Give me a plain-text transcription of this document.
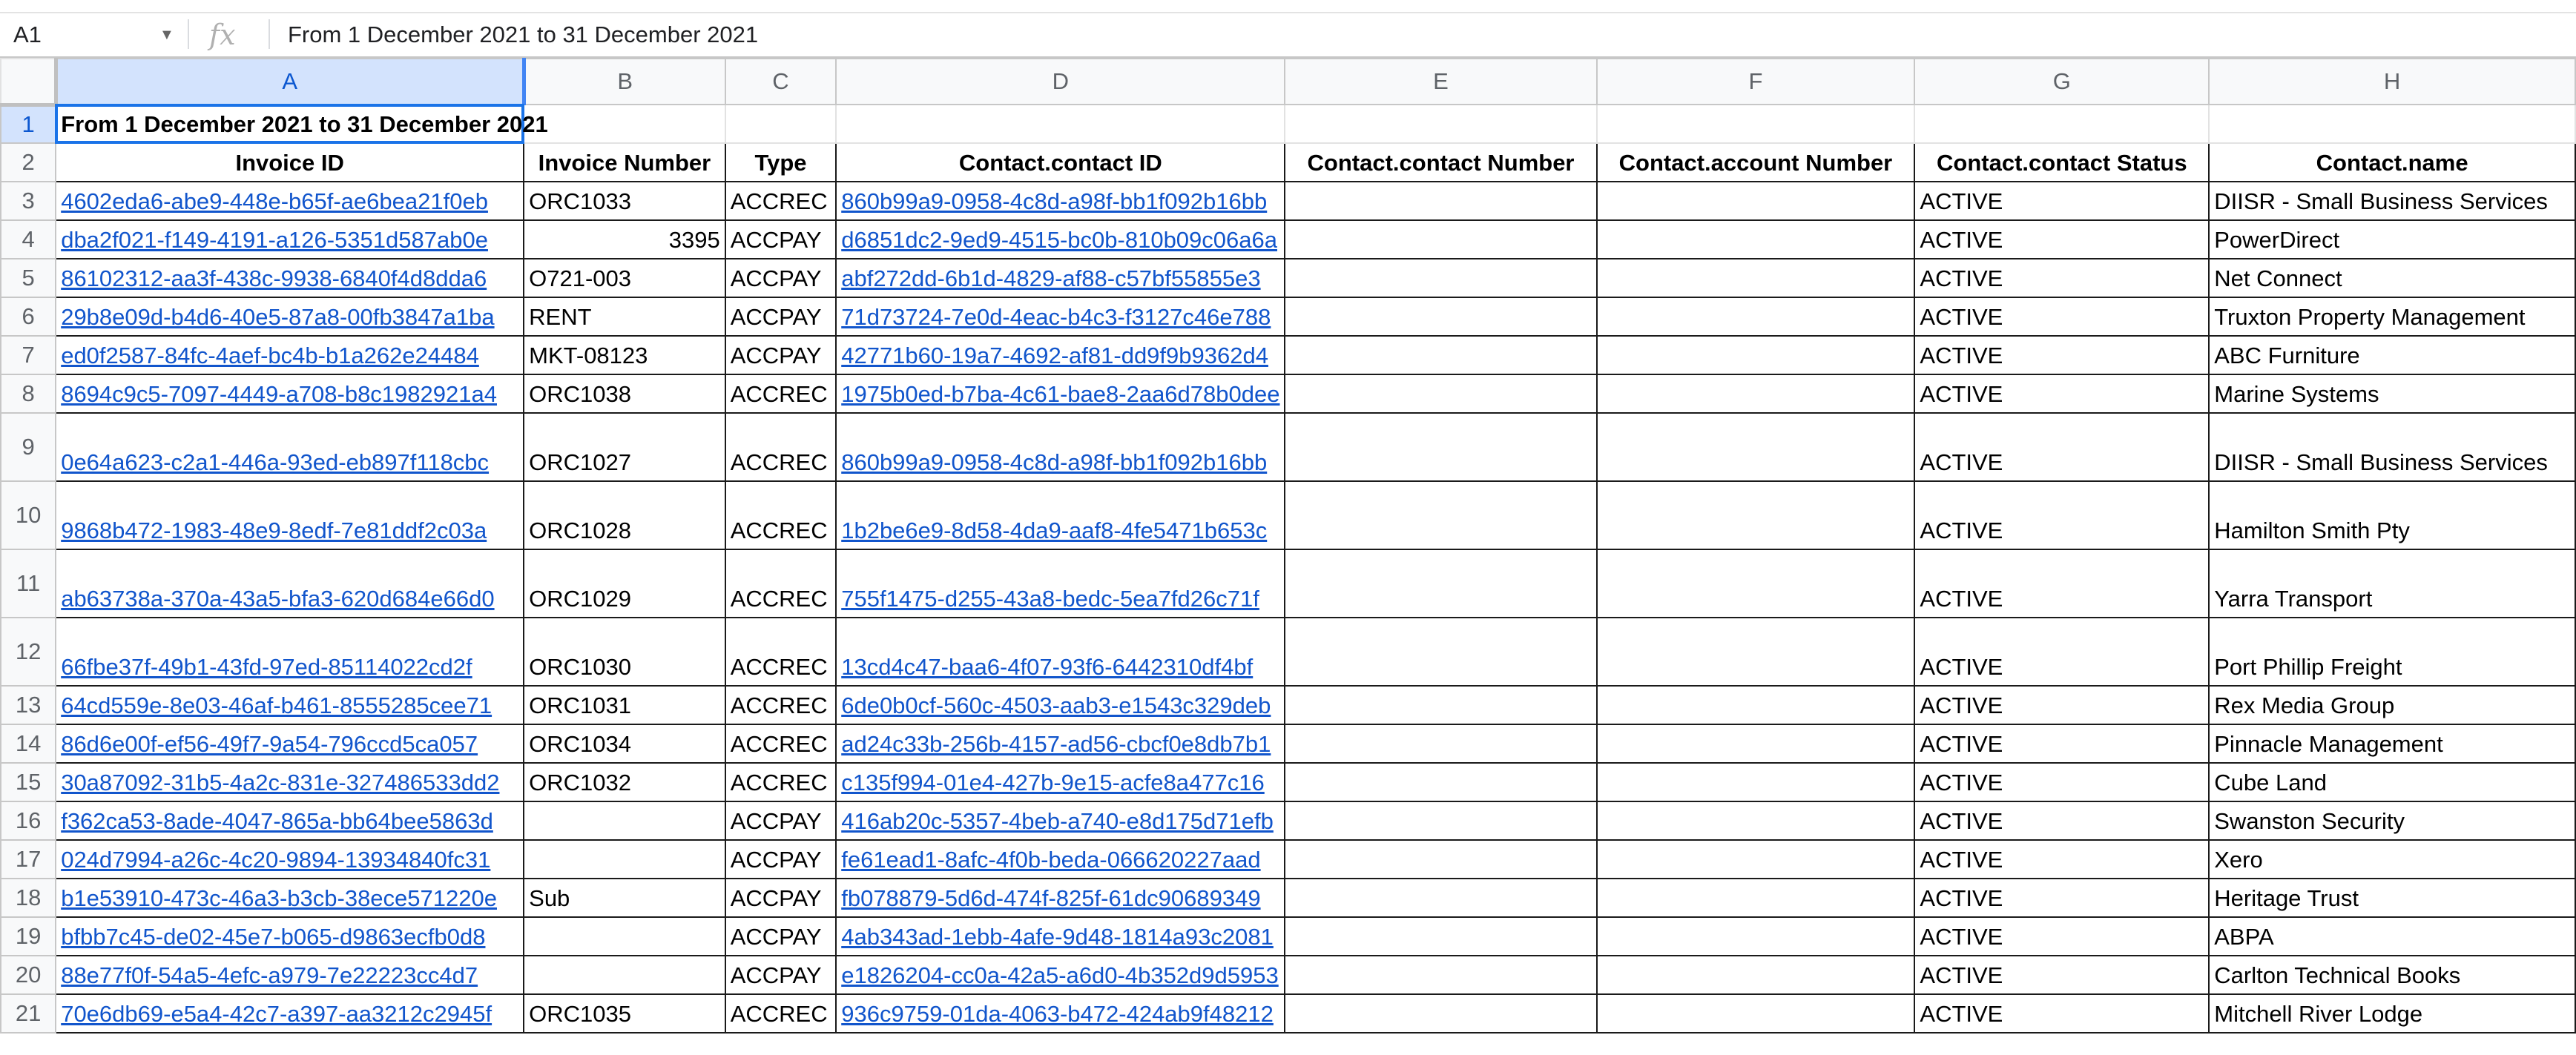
A1	▼ fx From 1 December 2021 to 31 December 2021
	A	B	C	D	E	F	G	H
1	From 1 December 2021 to 31 December 2021							

2	Invoice ID	Invoice Number	Type	Contact.contact ID	Contact.contact Number	Contact.account Number	Contact.contact Status	Contact.name
3	4602eda6-abe9-448e-b65f-ae6bea21f0eb	ORC1033	ACCREC	860b99a9-0958-4c8d-a98f-bb1f092b16bb			ACTIVE	DIISR - Small Business Services
4	dba2f021-f149-4191-a126-5351d587ab0e	3395	ACCPAY	d6851dc2-9ed9-4515-bc0b-810b09c06a6a			ACTIVE	PowerDirect
5	86102312-aa3f-438c-9938-6840f4d8dda6	O721-003	ACCPAY	abf272dd-6b1d-4829-af88-c57bf55855e3			ACTIVE	Net Connect
6	29b8e09d-b4d6-40e5-87a8-00fb3847a1ba	RENT	ACCPAY	71d73724-7e0d-4eac-b4c3-f3127c46e788			ACTIVE	Truxton Property Management
7	ed0f2587-84fc-4aef-bc4b-b1a262e24484	MKT-08123	ACCPAY	42771b60-19a7-4692-af81-dd9f9b9362d4			ACTIVE	ABC Furniture
8	8694c9c5-7097-4449-a708-b8c1982921a4	ORC1038	ACCREC	1975b0ed-b7ba-4c61-bae8-2aa6d78b0dee			ACTIVE	Marine Systems
9	0e64a623-c2a1-446a-93ed-eb897f118cbc	ORC1027	ACCREC	860b99a9-0958-4c8d-a98f-bb1f092b16bb			ACTIVE	DIISR - Small Business Services
10	9868b472-1983-48e9-8edf-7e81ddf2c03a	ORC1028	ACCREC	1b2be6e9-8d58-4da9-aaf8-4fe5471b653c			ACTIVE	Hamilton Smith Pty
11	ab63738a-370a-43a5-bfa3-620d684e66d0	ORC1029	ACCREC	755f1475-d255-43a8-bedc-5ea7fd26c71f			ACTIVE	Yarra Transport
12	66fbe37f-49b1-43fd-97ed-85114022cd2f	ORC1030	ACCREC	13cd4c47-baa6-4f07-93f6-6442310df4bf			ACTIVE	Port Phillip Freight
13	64cd559e-8e03-46af-b461-8555285cee71	ORC1031	ACCREC	6de0b0cf-560c-4503-aab3-e1543c329deb			ACTIVE	Rex Media Group
14	86d6e00f-ef56-49f7-9a54-796ccd5ca057	ORC1034	ACCREC	ad24c33b-256b-4157-ad56-cbcf0e8db7b1			ACTIVE	Pinnacle Management
15	30a87092-31b5-4a2c-831e-327486533dd2	ORC1032	ACCREC	c135f994-01e4-427b-9e15-acfe8a477c16			ACTIVE	Cube Land
16	f362ca53-8ade-4047-865a-bb64bee5863d		ACCPAY	416ab20c-5357-4beb-a740-e8d175d71efb			ACTIVE	Swanston Security
17	024d7994-a26c-4c20-9894-13934840fc31		ACCPAY	fe61ead1-8afc-4f0b-beda-066620227aad			ACTIVE	Xero
18	b1e53910-473c-46a3-b3cb-38ece571220e	Sub	ACCPAY	fb078879-5d6d-474f-825f-61dc90689349			ACTIVE	Heritage Trust
19	bfbb7c45-de02-45e7-b065-d9863ecfb0d8		ACCPAY	4ab343ad-1ebb-4afe-9d48-1814a93c2081			ACTIVE	ABPA
20	88e77f0f-54a5-4efc-a979-7e22223cc4d7		ACCPAY	e1826204-cc0a-42a5-a6d0-4b352d9d5953			ACTIVE	Carlton Technical Books
21	70e6db69-e5a4-42c7-a397-aa3212c2945f	ORC1035	ACCREC	936c9759-01da-4063-b472-424ab9f48212			ACTIVE	Mitchell River Lodge
